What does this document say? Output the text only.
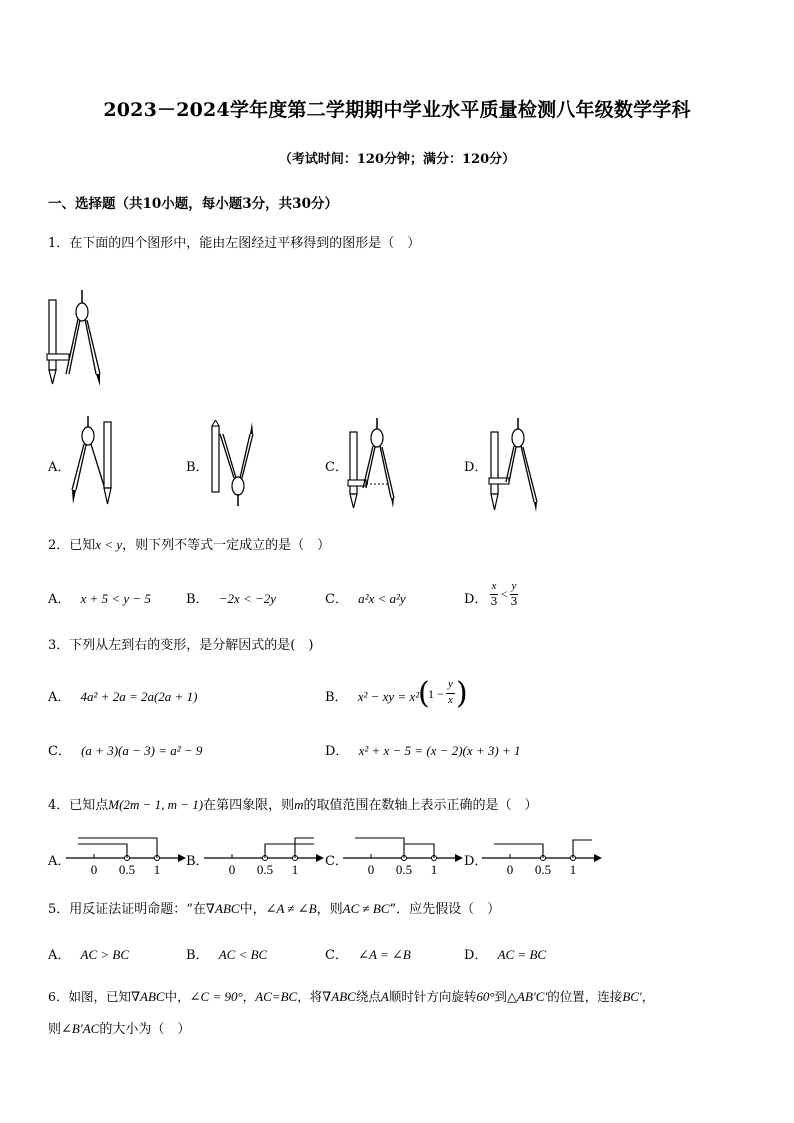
2023－2024学年度第二学期期中学业水平质量检测八年级数学学科
（考试时间：120分钟；满分：120分）
一、选择题（共10小题，每小题3分，共30分）
1．在下面的四个图形中，能由左图经过平移得到的图形是（　）
A．	B．	C．	D．
2．已知x < y，则下列不等式一定成立的是（　）
A． x + 5 < y − 5	B． −2x < −2y	C． a²x < a²y	D．
x
3
<
y
3
3．下列从左到右的变形，是分解因式的是(　)
A． 4a² + 2a = 2a(2a + 1)	B． x² − xy = x²
(
1 −
y
x )
C． (a + 3)(a − 3) = a² − 9	D． x² + x − 5 = (x − 2)(x + 3) + 1
4．已知点M(2m − 1, m − 1)在第四象限，则m的取值范围在数轴上表示正确的是（　）
A．	B．	C．	D．
0 0.5 1	0 0.5 1	0 0.5 1	0 0.5 1
5．用反证法证明命题：“在∇ABC中，∠A ≠ ∠B，则AC ≠ BC”．应先假设（　）
A． AC > BC	B． AC < BC	C． ∠A = ∠B	D． AC = BC
6．如图，已知∇ABC中，∠C = 90°，AC=BC，将∇ABC绕点A顺时针方向旋转60°到△AB′C′的位置，连接BC′，
则∠B′AC的大小为（　）
